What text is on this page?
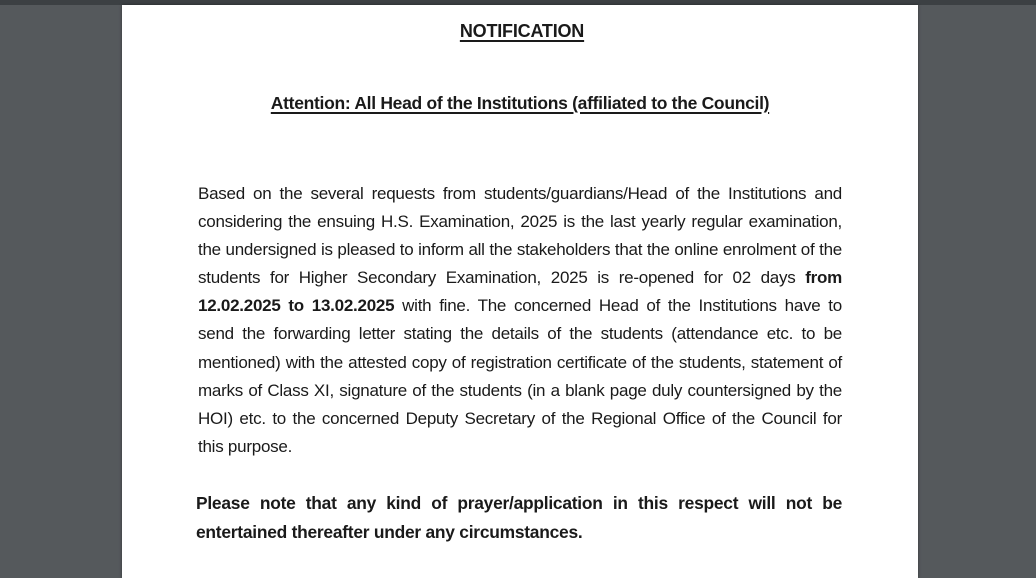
NOTIFICATION
Attention: All Head of the Institutions (affiliated to the Council)
Based on the several requests from students/guardians/Head of the Institutions and considering the ensuing H.S. Examination, 2025 is the last yearly regular examination, the undersigned is pleased to inform all the stakeholders that the online enrolment of the students for Higher Secondary Examination, 2025 is re-opened for 02 days from 12.02.2025 to 13.02.2025 with fine. The concerned Head of the Institutions have to send the forwarding letter stating the details of the students (attendance etc. to be mentioned) with the attested copy of registration certificate of the students, statement of marks of Class XI, signature of the students (in a blank page duly countersigned by the HOI) etc. to the concerned Deputy Secretary of the Regional Office of the Council for this purpose.
Please note that any kind of prayer/application in this respect will not be entertained thereafter under any circumstances.
